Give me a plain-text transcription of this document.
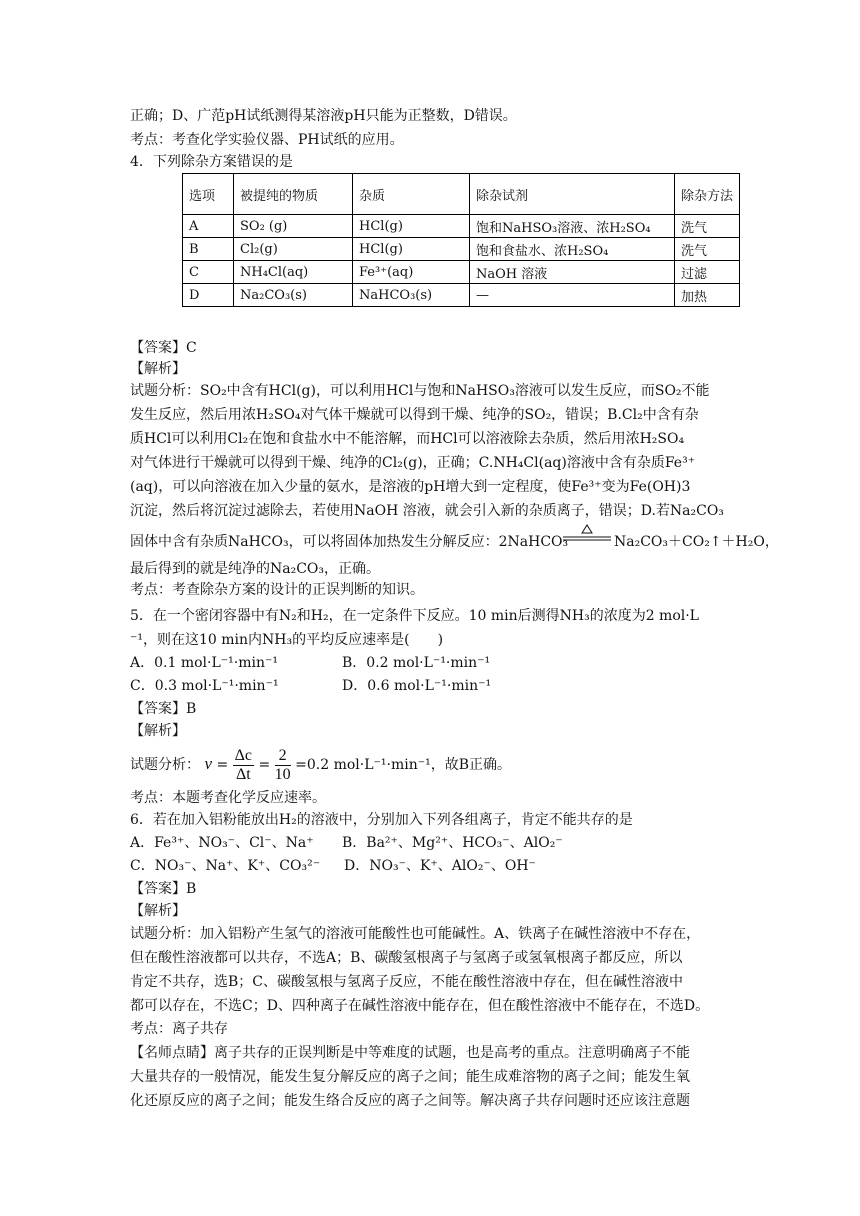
正确；D、广范pH试纸测得某溶液pH只能为正整数，D错误。
考点：考查化学实验仪器、PH试纸的应用。
4．下列除杂方案错误的是
选项	被提纯的物质	杂质	除杂试剂	除杂方法
A	SO₂ (g)	HCl(g)	饱和NaHSO₃溶液、浓H₂SO₄	洗气
B	Cl₂(g)	HCl(g)	饱和食盐水、浓H₂SO₄	洗气
C	NH₄Cl(aq)	Fe³⁺(aq)	NaOH 溶液	过滤
D	Na₂CO₃(s)	NaHCO₃(s)	—	加热
【答案】C
【解析】
试题分析：SO₂中含有HCl(g)，可以利用HCl与饱和NaHSO₃溶液可以发生反应，而SO₂不能
发生反应，然后用浓H₂SO₄对气体干燥就可以得到干燥、纯净的SO₂，错误；B.Cl₂中含有杂
质HCl可以利用Cl₂在饱和食盐水中不能溶解，而HCl可以溶液除去杂质，然后用浓H₂SO₄
对气体进行干燥就可以得到干燥、纯净的Cl₂(g)，正确；C.NH₄Cl(aq)溶液中含有杂质Fe³⁺
(aq)，可以向溶液在加入少量的氨水，是溶液的pH增大到一定程度，使Fe³⁺变为Fe(OH)3
沉淀，然后将沉淀过滤除去，若使用NaOH 溶液，就会引入新的杂质离子，错误；D.若Na₂CO₃
固体中含有杂质NaHCO₃，可以将固体加热发生分解反应：2NaHCO₃	Na₂CO₃＋CO₂↑＋H₂O，
最后得到的就是纯净的Na₂CO₃，正确。
考点：考查除杂方案的设计的正误判断的知识。
5．在一个密闭容器中有N₂和H₂，在一定条件下反应。10 min后测得NH₃的浓度为2 mol·L
⁻¹，则在这10 min内NH₃的平均反应速率是(　　)
A．0.1 mol·L⁻¹·min⁻¹	B．0.2 mol·L⁻¹·min⁻¹
C．0.3 mol·L⁻¹·min⁻¹	D．0.6 mol·L⁻¹·min⁻¹
【答案】B
【解析】
试题分析： $v = \frac{\Delta c}{\Delta t} = \frac{2}{10} =0.2$ mol·L⁻¹·min⁻¹，故B正确。
考点：本题考查化学反应速率。
6．若在加入铝粉能放出H₂的溶液中，分别加入下列各组离子，肯定不能共存的是
A．Fe³⁺、NO₃⁻、Cl⁻、Na⁺ B．Ba²⁺、Mg²⁺、HCO₃⁻、AlO₂⁻
C．NO₃⁻、Na⁺、K⁺、CO₃²⁻ D．NO₃⁻、K⁺、AlO₂⁻、OH⁻
【答案】B
【解析】
试题分析：加入铝粉产生氢气的溶液可能酸性也可能碱性。A、铁离子在碱性溶液中不存在，
但在酸性溶液都可以共存，不选A；B、碳酸氢根离子与氢离子或氢氧根离子都反应，所以
肯定不共存，选B；C、碳酸氢根与氢离子反应，不能在酸性溶液中存在，但在碱性溶液中
都可以存在，不选C；D、四种离子在碱性溶液中能存在，但在酸性溶液中不能存在，不选D。
考点：离子共存
【名师点睛】离子共存的正误判断是中等难度的试题，也是高考的重点。注意明确离子不能
大量共存的一般情况，能发生复分解反应的离子之间；能生成难溶物的离子之间；能发生氧
化还原反应的离子之间；能发生络合反应的离子之间等。解决离子共存问题时还应该注意题
